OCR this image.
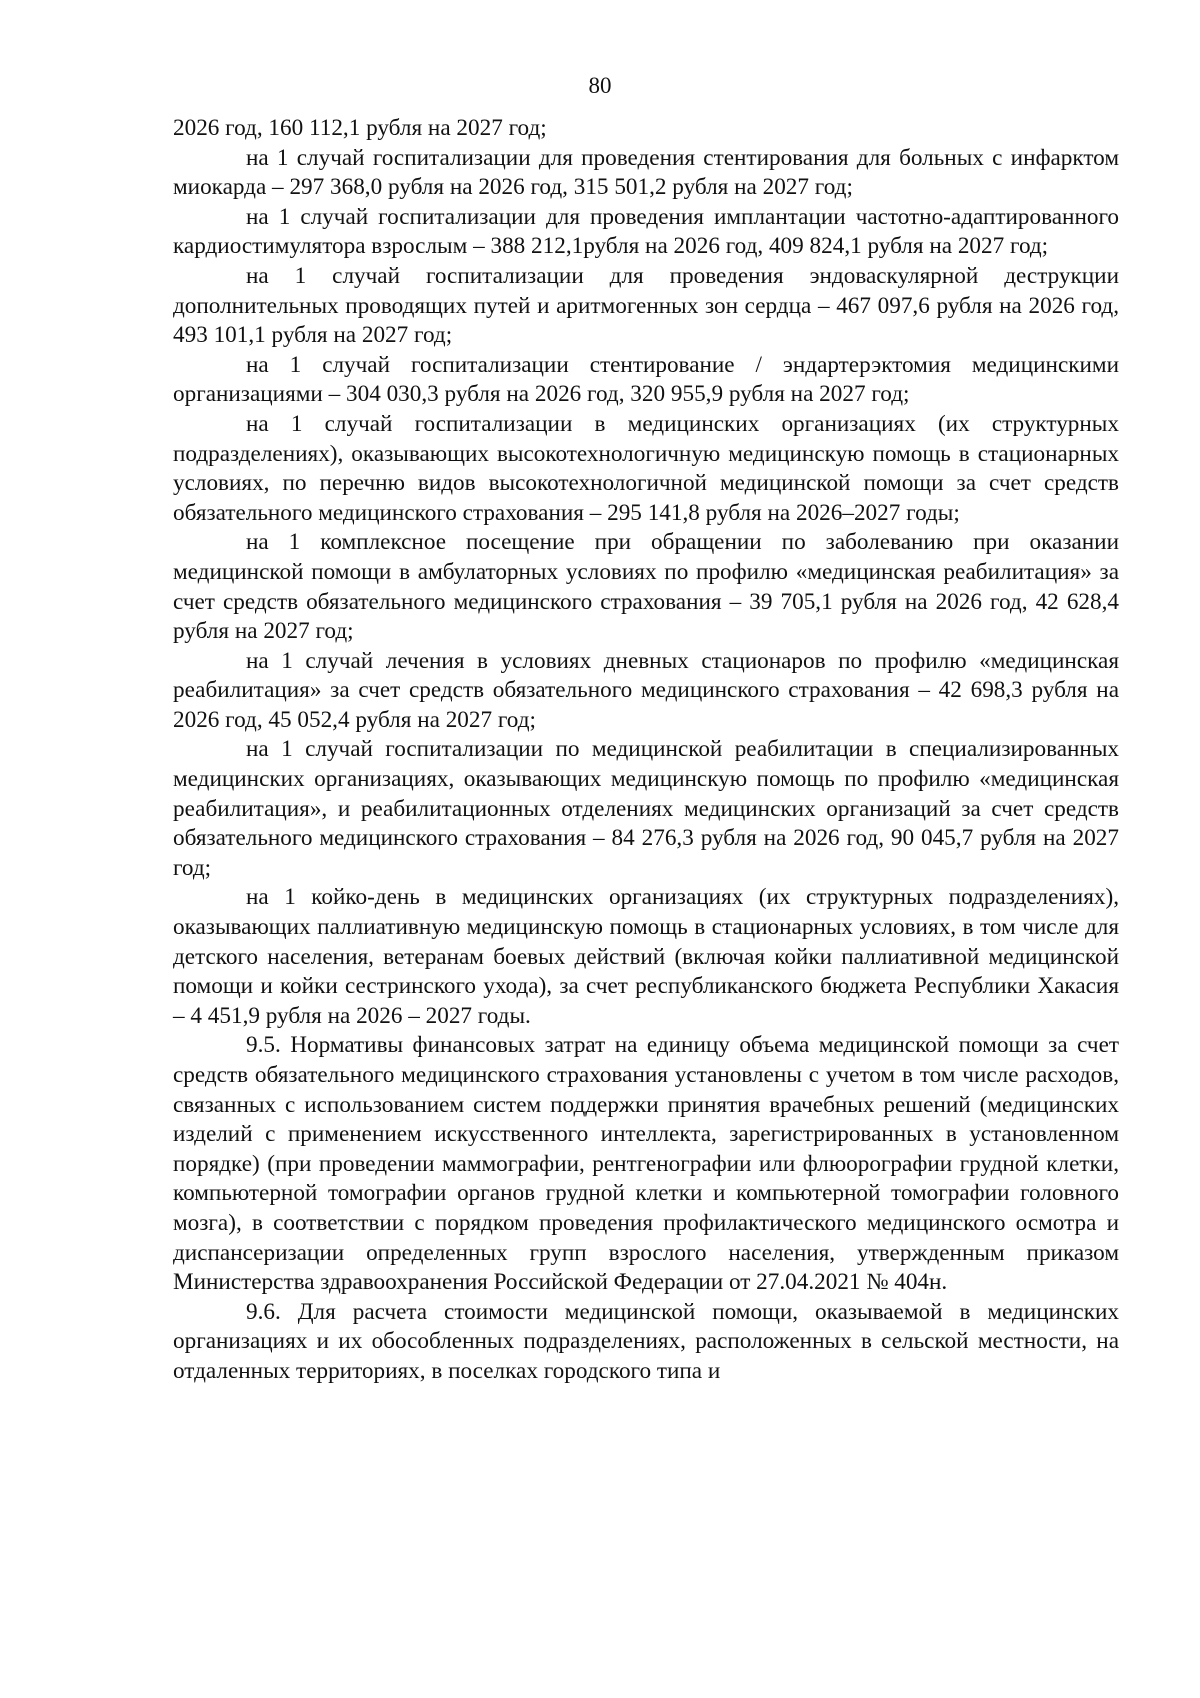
80

2026 год, 160 112,1 рубля на 2027 год;

на 1 случай госпитализации для проведения стентирования для больных с инфарктом миокарда – 297 368,0 рубля на 2026 год, 315 501,2 рубля на 2027 год;

на 1 случай госпитализации для проведения имплантации частотно-адаптированного кардиостимулятора взрослым – 388 212,1рубля на 2026 год, 409 824,1 рубля на 2027 год;

на 1 случай госпитализации для проведения эндоваскулярной деструкции дополнительных проводящих путей и аритмогенных зон сердца – 467 097,6 рубля на 2026 год, 493 101,1 рубля на 2027 год;

на 1 случай госпитализации стентирование / эндартерэктомия медицинскими организациями – 304 030,3 рубля на 2026 год, 320 955,9 рубля на 2027 год;

на 1 случай госпитализации в медицинских организациях (их структурных подразделениях), оказывающих высокотехнологичную медицинскую помощь в стационарных условиях, по перечню видов высокотехнологичной медицинской помощи за счет средств обязательного медицинского страхования – 295 141,8 рубля на 2026–2027 годы;

на 1 комплексное посещение при обращении по заболеванию при оказании медицинской помощи в амбулаторных условиях по профилю «медицинская реабилитация» за счет средств обязательного медицинского страхования – 39 705,1 рубля на 2026 год, 42 628,4 рубля на 2027 год;

на 1 случай лечения в условиях дневных стационаров по профилю «медицинская реабилитация» за счет средств обязательного медицинского страхования – 42 698,3 рубля на 2026 год, 45 052,4 рубля на 2027 год;

на 1 случай госпитализации по медицинской реабилитации в специализированных медицинских организациях, оказывающих медицинскую помощь по профилю «медицинская реабилитация», и реабилитационных отделениях медицинских организаций за счет средств обязательного медицинского страхования – 84 276,3 рубля на 2026 год, 90 045,7 рубля на 2027 год;

на 1 койко-день в медицинских организациях (их структурных подразделениях), оказывающих паллиативную медицинскую помощь в стационарных условиях, в том числе для детского населения, ветеранам боевых действий (включая койки паллиативной медицинской помощи и койки сестринского ухода), за счет республиканского бюджета Республики Хакасия – 4 451,9 рубля на 2026 – 2027 годы.

9.5. Нормативы финансовых затрат на единицу объема медицинской помощи за счет средств обязательного медицинского страхования установлены с учетом в том числе расходов, связанных с использованием систем поддержки принятия врачебных решений (медицинских изделий с применением искусственного интеллекта, зарегистрированных в установленном порядке) (при проведении маммографии, рентгенографии или флюорографии грудной клетки, компьютерной томографии органов грудной клетки и компьютерной томографии головного мозга), в соответствии с порядком проведения профилактического медицинского осмотра и диспансеризации определенных групп взрослого населения, утвержденным приказом Министерства здравоохранения Российской Федерации от 27.04.2021 № 404н.

9.6. Для расчета стоимости медицинской помощи, оказываемой в медицинских организациях и их обособленных подразделениях, расположенных в сельской местности, на отдаленных территориях, в поселках городского типа и
